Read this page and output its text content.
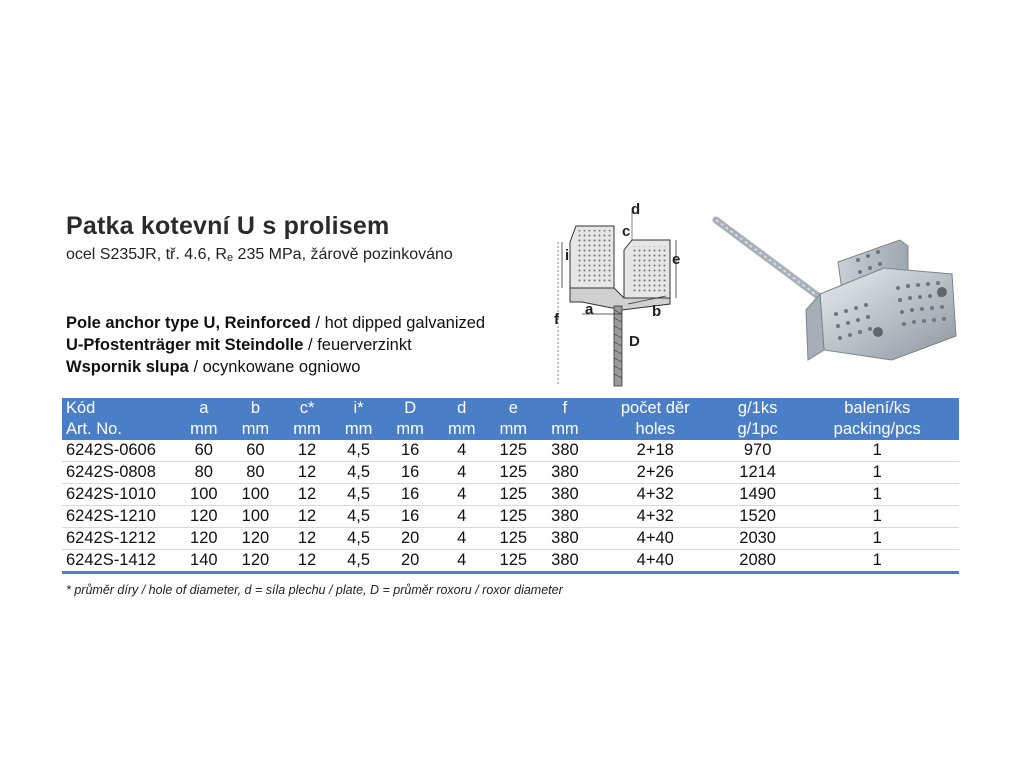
Patka kotevní U s prolisem
ocel S235JR, tř. 4.6, $R_e$ 235 MPa, žárově pozinkováno
Pole anchor type U, Reinforced / hot dipped galvanized
U-Pfostenträger mit Steindolle / feuerverzinkt
Wspornik slupa / ocynkowane ogniowo
d
c
i	e
f
a	b
D
Kód	a	b	c*	i*	D	d	e	f	počet děr	g/1ks	balení/ks
Art. No.	mm	mm	mm	mm	mm	mm	mm	mm	holes	g/1pc	packing/pcs
6242S-0606	60	60	12	4,5	16	4	125	380	2+18	970	1
6242S-0808	80	80	12	4,5	16	4	125	380	2+26	1214	1
6242S-1010	100	100	12	4,5	16	4	125	380	4+32	1490	1
6242S-1210	120	100	12	4,5	16	4	125	380	4+32	1520	1
6242S-1212	120	120	12	4,5	20	4	125	380	4+40	2030	1
6242S-1412	140	120	12	4,5	20	4	125	380	4+40	2080	1
* průměr díry / hole of diameter, d = síla plechu / plate, D = průměr roxoru / roxor diameter
